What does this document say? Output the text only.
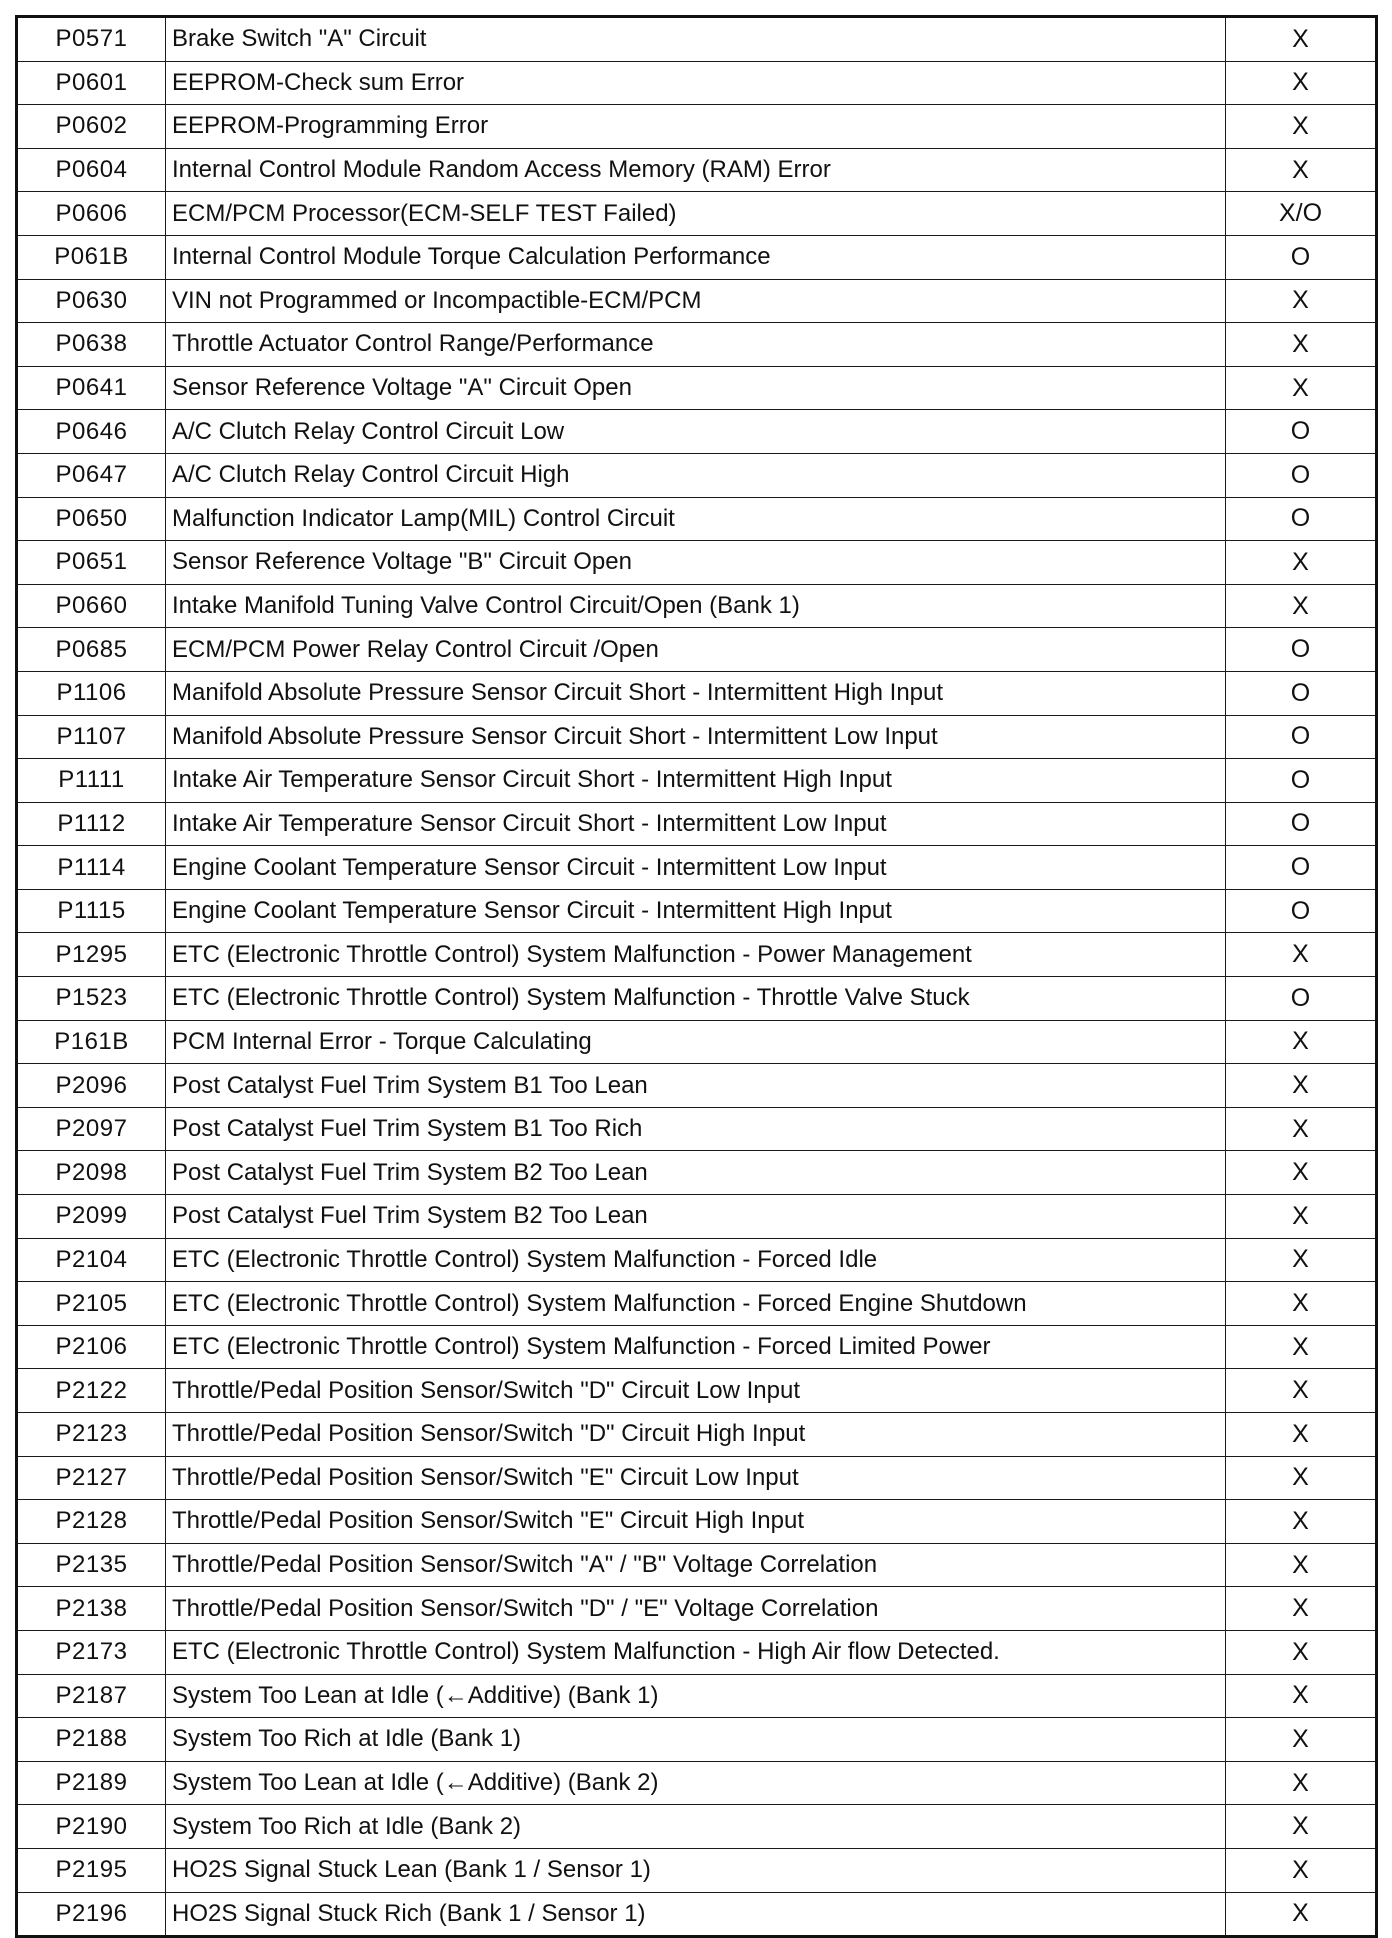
P0571	Brake Switch "A" Circuit	X
P0601	EEPROM-Check sum Error	X
P0602	EEPROM-Programming Error	X
P0604	Internal Control Module Random Access Memory (RAM) Error	X
P0606	ECM/PCM Processor(ECM-SELF TEST Failed)	X/O
P061B	Internal Control Module Torque Calculation Performance	O
P0630	VIN not Programmed or Incompactible-ECM/PCM	X
P0638	Throttle Actuator Control Range/Performance	X
P0641	Sensor Reference Voltage "A" Circuit Open	X
P0646	A/C Clutch Relay Control Circuit Low	O
P0647	A/C Clutch Relay Control Circuit High	O
P0650	Malfunction Indicator Lamp(MIL) Control Circuit	O
P0651	Sensor Reference Voltage "B" Circuit Open	X
P0660	Intake Manifold Tuning Valve Control Circuit/Open (Bank 1)	X
P0685	ECM/PCM Power Relay Control Circuit /Open	O
P1106	Manifold Absolute Pressure Sensor Circuit Short - Intermittent High Input	O
P1107	Manifold Absolute Pressure Sensor Circuit Short - Intermittent Low Input	O
P1111	Intake Air Temperature Sensor Circuit Short - Intermittent High Input	O
P1112	Intake Air Temperature Sensor Circuit Short - Intermittent Low Input	O
P1114	Engine Coolant Temperature Sensor Circuit - Intermittent Low Input	O
P1115	Engine Coolant Temperature Sensor Circuit - Intermittent High Input	O
P1295	ETC (Electronic Throttle Control) System Malfunction - Power Management	X
P1523	ETC (Electronic Throttle Control) System Malfunction - Throttle Valve Stuck	O
P161B	PCM Internal Error - Torque Calculating	X
P2096	Post Catalyst Fuel Trim System B1 Too Lean	X
P2097	Post Catalyst Fuel Trim System B1 Too Rich	X
P2098	Post Catalyst Fuel Trim System B2 Too Lean	X
P2099	Post Catalyst Fuel Trim System B2 Too Lean	X
P2104	ETC (Electronic Throttle Control) System Malfunction - Forced Idle	X
P2105	ETC (Electronic Throttle Control) System Malfunction - Forced Engine Shutdown	X
P2106	ETC (Electronic Throttle Control) System Malfunction - Forced Limited Power	X
P2122	Throttle/Pedal Position Sensor/Switch "D" Circuit Low Input	X
P2123	Throttle/Pedal Position Sensor/Switch "D" Circuit High Input	X
P2127	Throttle/Pedal Position Sensor/Switch "E" Circuit Low Input	X
P2128	Throttle/Pedal Position Sensor/Switch "E" Circuit High Input	X
P2135	Throttle/Pedal Position Sensor/Switch "A" / "B" Voltage Correlation	X
P2138	Throttle/Pedal Position Sensor/Switch "D" / "E" Voltage Correlation	X
P2173	ETC (Electronic Throttle Control) System Malfunction - High Air flow Detected.	X
P2187	System Too Lean at Idle (←Additive) (Bank 1)	X
P2188	System Too Rich at Idle (Bank 1)	X
P2189	System Too Lean at Idle (←Additive) (Bank 2)	X
P2190	System Too Rich at Idle (Bank 2)	X
P2195	HO2S Signal Stuck Lean (Bank 1 / Sensor 1)	X
P2196	HO2S Signal Stuck Rich (Bank 1 / Sensor 1)	X
